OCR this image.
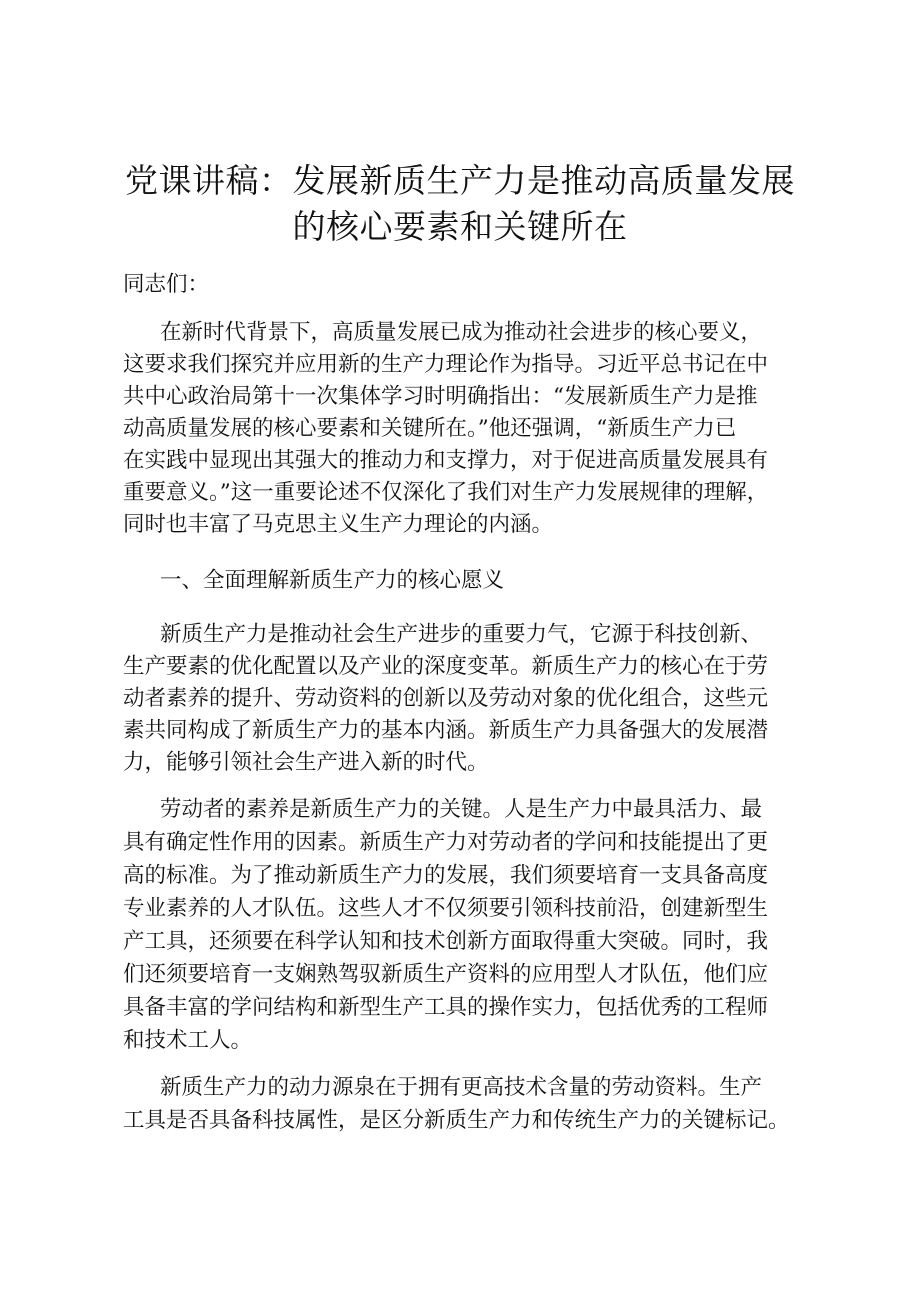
党课讲稿：发展新质生产力是推动高质量发展
的核心要素和关键所在
同志们：
在新时代背景下，高质量发展已成为推动社会进步的核心要义，
这要求我们探究并应用新的生产力理论作为指导。习近平总书记在中
共中心政治局第十一次集体学习时明确指出：“发展新质生产力是推
动高质量发展的核心要素和关键所在。”他还强调，“新质生产力已
在实践中显现出其强大的推动力和支撑力，对于促进高质量发展具有
重要意义。”这一重要论述不仅深化了我们对生产力发展规律的理解，
同时也丰富了马克思主义生产力理论的内涵。
一、全面理解新质生产力的核心愿义
新质生产力是推动社会生产进步的重要力气，它源于科技创新、
生产要素的优化配置以及产业的深度变革。新质生产力的核心在于劳
动者素养的提升、劳动资料的创新以及劳动对象的优化组合，这些元
素共同构成了新质生产力的基本内涵。新质生产力具备强大的发展潜
力，能够引领社会生产进入新的时代。
劳动者的素养是新质生产力的关键。人是生产力中最具活力、最
具有确定性作用的因素。新质生产力对劳动者的学问和技能提出了更
高的标准。为了推动新质生产力的发展，我们须要培育一支具备高度
专业素养的人才队伍。这些人才不仅须要引领科技前沿，创建新型生
产工具，还须要在科学认知和技术创新方面取得重大突破。同时，我
们还须要培育一支娴熟驾驭新质生产资料的应用型人才队伍，他们应
具备丰富的学问结构和新型生产工具的操作实力，包括优秀的工程师
和技术工人。
新质生产力的动力源泉在于拥有更高技术含量的劳动资料。生产
工具是否具备科技属性，是区分新质生产力和传统生产力的关键标记。
